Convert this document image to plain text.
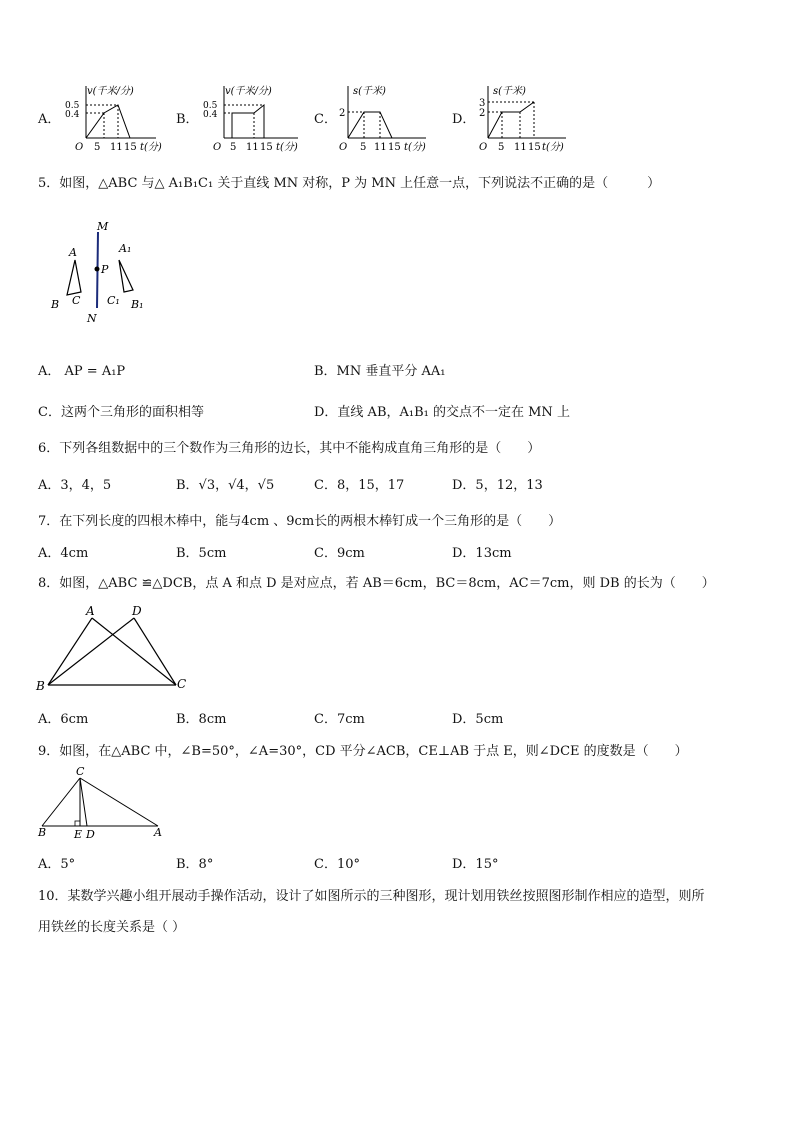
A．
v(千米/分)
0.5
0.4
O 5 11 15 t(分)
B．
v(千米/分)
0.5
0.4
O 5 11 15 t(分)
C．
s(千米)
2
O 5 11 15 t(分)
D．
s(千米)
3
2
O 5 11 15 t(分)
5．如图，△ABC 与△ A₁B₁C₁ 关于直线 MN 对称，P 为 MN 上任意一点，下列说法不正确的是（　　　）
M
N
P
A
B C
A₁
C₁ B₁
A． AP = A₁P	B．MN 垂直平分 AA₁
C．这两个三角形的面积相等	D．直线 AB，A₁B₁ 的交点不一定在 MN 上
6．下列各组数据中的三个数作为三角形的边长，其中不能构成直角三角形的是（　　）
A．3，4，5	B．√3，√4，√5	C．8，15，17	D．5，12，13
7．在下列长度的四根木棒中，能与4cm 、9cm长的两根木棒钉成一个三角形的是（　　）
A．4cm	B．5cm	C．9cm	D．13cm
8．如图，△ABC ≌△DCB，点 A 和点 D 是对应点，若 AB＝6cm，BC＝8cm，AC＝7cm，则 DB 的长为（　　）
A	D
B	C
A．6cm	B．8cm	C．7cm	D．5cm
9．如图，在△ABC 中，∠B=50°，∠A=30°，CD 平分∠ACB，CE⊥AB 于点 E，则∠DCE 的度数是（　　）
C
B	E D	A
A．5°	B．8°	C．10°	D．15°
10．某数学兴趣小组开展动手操作活动，设计了如图所示的三种图形，现计划用铁丝按照图形制作相应的造型，则所
用铁丝的长度关系是（ ）
